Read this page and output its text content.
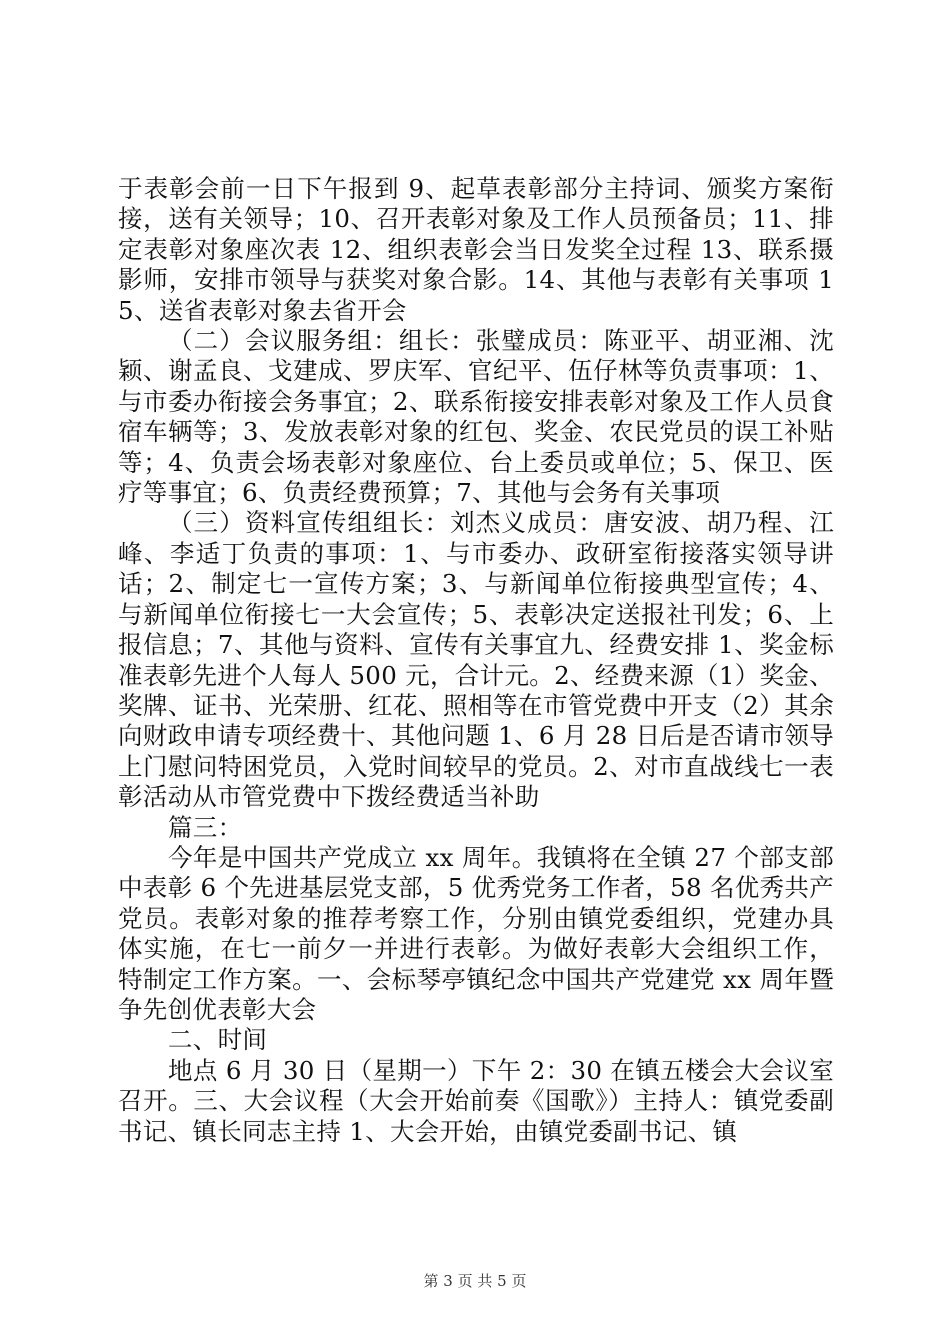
于表彰会前一日下午报到 9、起草表彰部分主持词、颁奖方案衔接，送有关领导；10、召开表彰对象及工作人员预备员；11、排定表彰对象座次表 12、组织表彰会当日发奖全过程 13、联系摄影师，安排市领导与获奖对象合影。14、其他与表彰有关事项 15、送省表彰对象去省开会

（二）会议服务组：组长：张璧成员：陈亚平、胡亚湘、沈颖、谢孟良、戈建成、罗庆军、官纪平、伍仔林等负责事项：1、与市委办衔接会务事宜；2、联系衔接安排表彰对象及工作人员食宿车辆等；3、发放表彰对象的红包、奖金、农民党员的误工补贴等；4、负责会场表彰对象座位、台上委员或单位；5、保卫、医疗等事宜；6、负责经费预算；7、其他与会务有关事项

（三）资料宣传组组长：刘杰义成员：唐安波、胡乃程、江峰、李适丁负责的事项：1、与市委办、政研室衔接落实领导讲话；2、制定七一宣传方案；3、与新闻单位衔接典型宣传；4、与新闻单位衔接七一大会宣传；5、表彰决定送报社刊发；6、上报信息；7、其他与资料、宣传有关事宜九、经费安排 1、奖金标准表彰先进个人每人 500 元，合计元。2、经费来源（1）奖金、奖牌、证书、光荣册、红花、照相等在市管党费中开支（2）其余向财政申请专项经费十、其他问题 1、6 月 28 日后是否请市领导上门慰问特困党员，入党时间较早的党员。2、对市直战线七一表彰活动从市管党费中下拨经费适当补助

篇三：

今年是中国共产党成立 xx 周年。我镇将在全镇 27 个部支部中表彰 6 个先进基层党支部，5 优秀党务工作者，58 名优秀共产党员。表彰对象的推荐考察工作，分别由镇党委组织，党建办具体实施，在七一前夕一并进行表彰。为做好表彰大会组织工作，特制定工作方案。一、会标琴亭镇纪念中国共产党建党 xx 周年暨争先创优表彰大会

二、时间

地点 6 月 30 日（星期一）下午 2：30 在镇五楼会大会议室召开。三、大会议程（大会开始前奏《国歌》）主持人：镇党委副书记、镇长同志主持 1、大会开始，由镇党委副书记、镇

第 3 页 共 5 页
